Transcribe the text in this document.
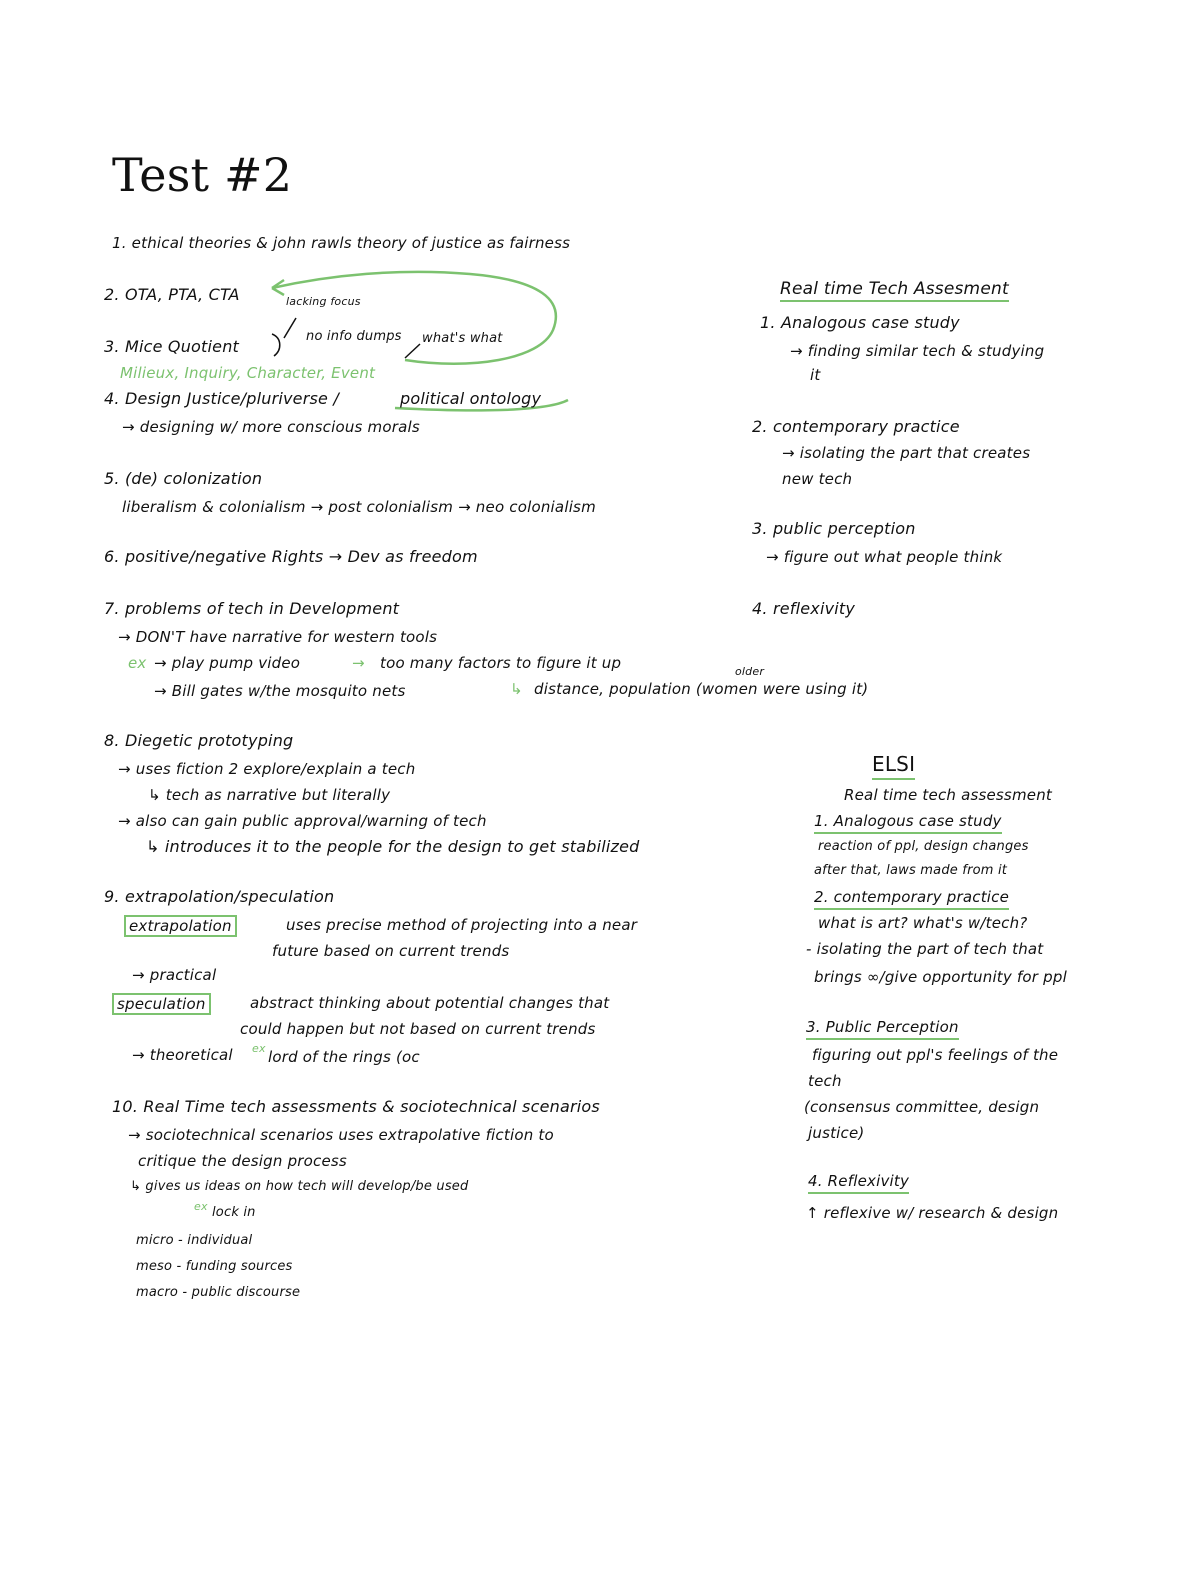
Test #2
1. ethical theories & john rawls theory of justice as fairness
2. OTA, PTA, CTA
3. Mice Quotient
lacking focus
no info dumps what's what
Milieux, Inquiry, Character, Event
4. Design Justice/pluriverse /	political ontology
→ designing w/ more conscious morals
5. (de) colonization
liberalism & colonialism → post colonialism → neo colonialism
6. positive/negative Rights → Dev as freedom
7. problems of tech in Development
→ DON'T have narrative for western tools
ex → play pump video	→ too many factors to figure it up
→ Bill gates w/the mosquito nets	↳ distance, population (women were using it)
older
8. Diegetic prototyping
→ uses fiction 2 explore/explain a tech
↳ tech as narrative but literally
→ also can gain public approval/warning of tech
↳ introduces it to the people for the design to get stabilized
9. extrapolation/speculation
extrapolation	uses precise method of projecting into a near
future based on current trends
→ practical
speculation	abstract thinking about potential changes that
could happen but not based on current trends
→ theoretical ex lord of the rings (oc
10. Real Time tech assessments & sociotechnical scenarios
→ sociotechnical scenarios uses extrapolative fiction to
critique the design process
↳ gives us ideas on how tech will develop/be used
ex lock in
micro - individual
meso - funding sources
macro - public discourse
Real time Tech Assesment
1. Analogous case study
→ finding similar tech & studying
it
2. contemporary practice
→ isolating the part that creates
new tech
3. public perception
→ figure out what people think
4. reflexivity
ELSI
Real time tech assessment
1. Analogous case study
reaction of ppl, design changes
after that, laws made from it
2. contemporary practice
what is art? what's w/tech?
- isolating the part of tech that
brings ∞/give opportunity for ppl
3. Public Perception
figuring out ppl's feelings of the
tech
(consensus committee, design
justice)
4. Reflexivity
↑ reflexive w/ research & design
